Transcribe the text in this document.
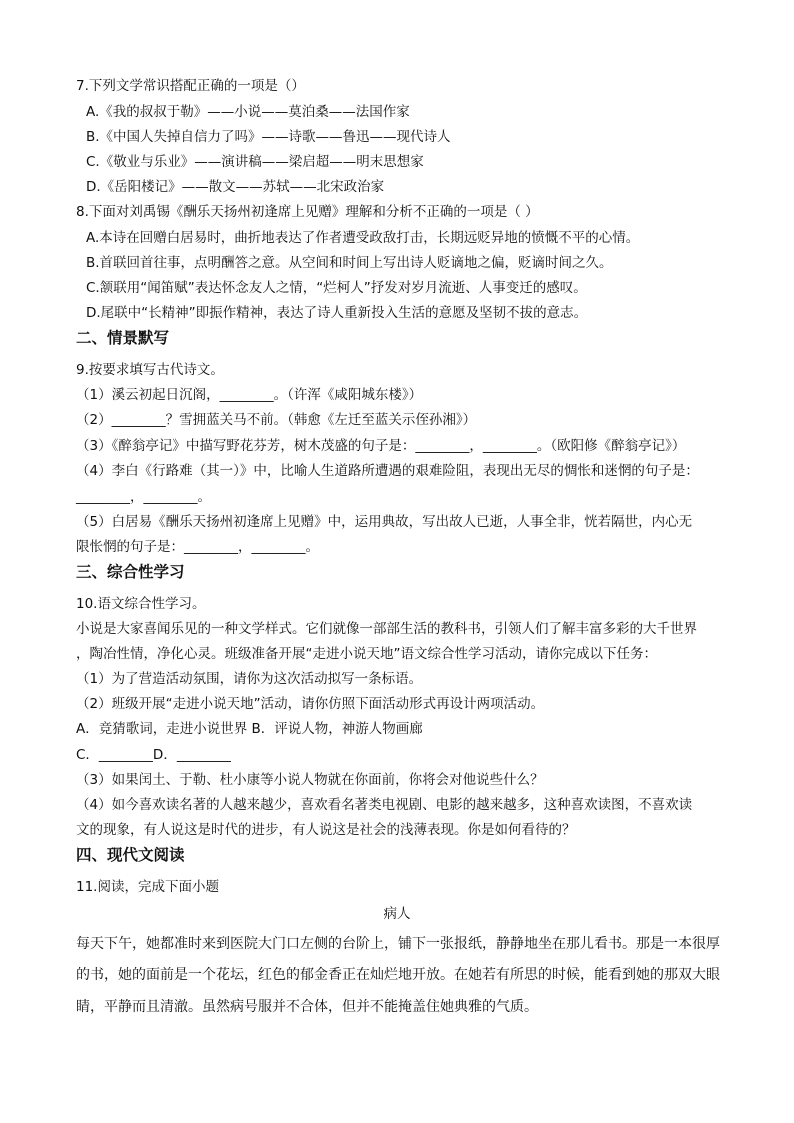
7.下列文学常识搭配正确的一项是（）
A.《我的叔叔于勒》——小说——莫泊桑——法国作家
B.《中国人失掉自信力了吗》——诗歌——鲁迅——现代诗人
C.《敬业与乐业》——演讲稿——梁启超——明末思想家
D.《岳阳楼记》——散文——苏轼——北宋政治家
8.下面对刘禹锡《酬乐天扬州初逢席上见赠》理解和分析不正确的一项是（ ）
A.本诗在回赠白居易时，曲折地表达了作者遭受政敌打击，长期远贬异地的愤慨不平的心情。
B.首联回首往事，点明酬答之意。从空间和时间上写出诗人贬谪地之偏，贬谪时间之久。
C.颔联用“闻笛赋”表达怀念友人之情，“烂柯人”抒发对岁月流逝、人事变迁的感叹。
D.尾联中“长精神”即振作精神，表达了诗人重新投入生活的意愿及坚韧不拔的意志。
二、情景默写
9.按要求填写古代诗文。
（1）溪云初起日沉阁，________。（许浑《咸阳城东楼》）
（2）________？雪拥蓝关马不前。（韩愈《左迁至蓝关示侄孙湘》）
（3）《醉翁亭记》中描写野花芬芳，树木茂盛的句子是：________，________。（欧阳修《醉翁亭记》）
（4）李白《行路难（其一）》中，比喻人生道路所遭遇的艰难险阻，表现出无尽的惆怅和迷惘的句子是：
________，________。
（5）白居易《酬乐天扬州初逢席上见赠》中，运用典故，写出故人已逝，人事全非，恍若隔世，内心无
限怅惘的句子是：________，________。
三、综合性学习
10.语文综合性学习。
小说是大家喜闻乐见的一种文学样式。它们就像一部部生活的教科书，引领人们了解丰富多彩的大千世界
，陶冶性情，净化心灵。班级准备开展“走进小说天地”语文综合性学习活动，请你完成以下任务：
（1）为了营造活动氛围，请你为这次活动拟写一条标语。
（2）班级开展“走进小说天地”活动，请你仿照下面活动形式再设计两项活动。
A．竞猜歌词，走进小说世界 B．评说人物，神游人物画廊
C．________D．________
（3）如果闰土、于勒、杜小康等小说人物就在你面前，你将会对他说些什么？
（4）如今喜欢读名著的人越来越少，喜欢看名著类电视剧、电影的越来越多，这种喜欢读图，不喜欢读
文的现象，有人说这是时代的进步，有人说这是社会的浅薄表现。你是如何看待的？
四、现代文阅读
11.阅读，完成下面小题
病人
每天下午，她都准时来到医院大门口左侧的台阶上，铺下一张报纸，静静地坐在那儿看书。那是一本很厚
的书，她的面前是一个花坛，红色的郁金香正在灿烂地开放。在她若有所思的时候，能看到她的那双大眼
睛，平静而且清澈。虽然病号服并不合体，但并不能掩盖住她典雅的气质。
